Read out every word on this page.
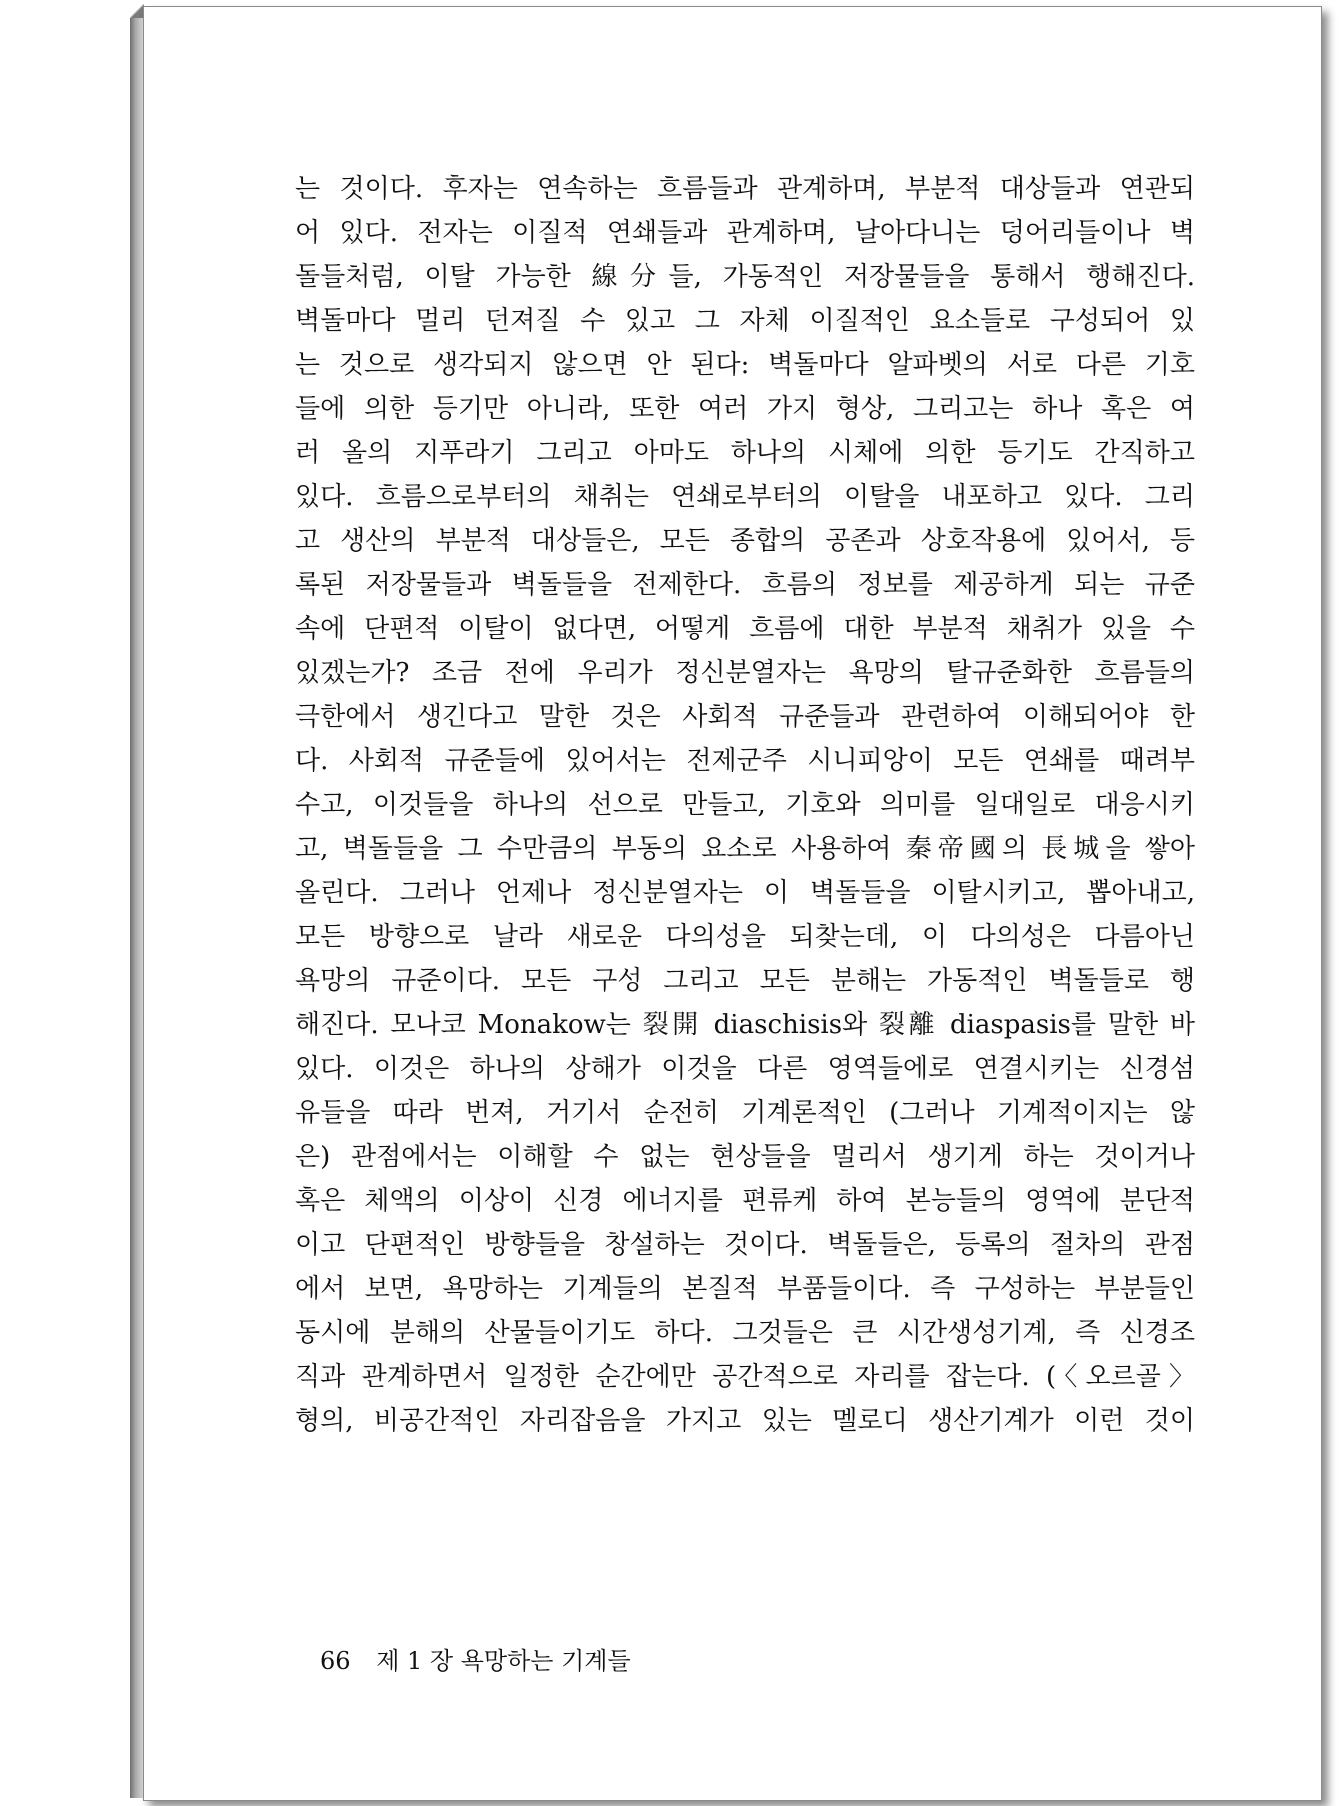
는 것이다. 후자는 연속하는 흐름들과 관계하며, 부분적 대상들과 연관되
어 있다. 전자는 이질적 연쇄들과 관계하며, 날아다니는 덩어리들이나 벽
돌들처럼, 이탈 가능한 線分들, 가동적인 저장물들을 통해서 행해진다.
벽돌마다 멀리 던져질 수 있고 그 자체 이질적인 요소들로 구성되어 있
는 것으로 생각되지 않으면 안 된다: 벽돌마다 알파벳의 서로 다른 기호
들에 의한 등기만 아니라, 또한 여러 가지 형상, 그리고는 하나 혹은 여
러 올의 지푸라기 그리고 아마도 하나의 시체에 의한 등기도 간직하고
있다. 흐름으로부터의 채취는 연쇄로부터의 이탈을 내포하고 있다. 그리
고 생산의 부분적 대상들은, 모든 종합의 공존과 상호작용에 있어서, 등
록된 저장물들과 벽돌들을 전제한다. 흐름의 정보를 제공하게 되는 규준
속에 단편적 이탈이 없다면, 어떻게 흐름에 대한 부분적 채취가 있을 수
있겠는가? 조금 전에 우리가 정신분열자는 욕망의 탈규준화한 흐름들의
극한에서 생긴다고 말한 것은 사회적 규준들과 관련하여 이해되어야 한
다. 사회적 규준들에 있어서는 전제군주 시니피앙이 모든 연쇄를 때려부
수고, 이것들을 하나의 선으로 만들고, 기호와 의미를 일대일로 대응시키
고, 벽돌들을 그 수만큼의 부동의 요소로 사용하여 秦帝國의 長城을 쌓아
올린다. 그러나 언제나 정신분열자는 이 벽돌들을 이탈시키고, 뽑아내고,
모든 방향으로 날라 새로운 다의성을 되찾는데, 이 다의성은 다름아닌
욕망의 규준이다. 모든 구성 그리고 모든 분해는 가동적인 벽돌들로 행
해진다. 모나코 Monakow는 裂開 diaschisis와 裂離 diaspasis를 말한 바
있다. 이것은 하나의 상해가 이것을 다른 영역들에로 연결시키는 신경섬
유들을 따라 번져, 거기서 순전히 기계론적인 (그러나 기계적이지는 않
은) 관점에서는 이해할 수 없는 현상들을 멀리서 생기게 하는 것이거나
혹은 체액의 이상이 신경 에너지를 편류케 하여 본능들의 영역에 분단적
이고 단편적인 방향들을 창설하는 것이다. 벽돌들은, 등록의 절차의 관점
에서 보면, 욕망하는 기계들의 본질적 부품들이다. 즉 구성하는 부분들인
동시에 분해의 산물들이기도 하다. 그것들은 큰 시간생성기계, 즉 신경조
직과 관계하면서 일정한 순간에만 공간적으로 자리를 잡는다. (〈오르골〉
형의, 비공간적인 자리잡음을 가지고 있는 멜로디 생산기계가 이런 것이
66 제 1 장 욕망하는 기계들
